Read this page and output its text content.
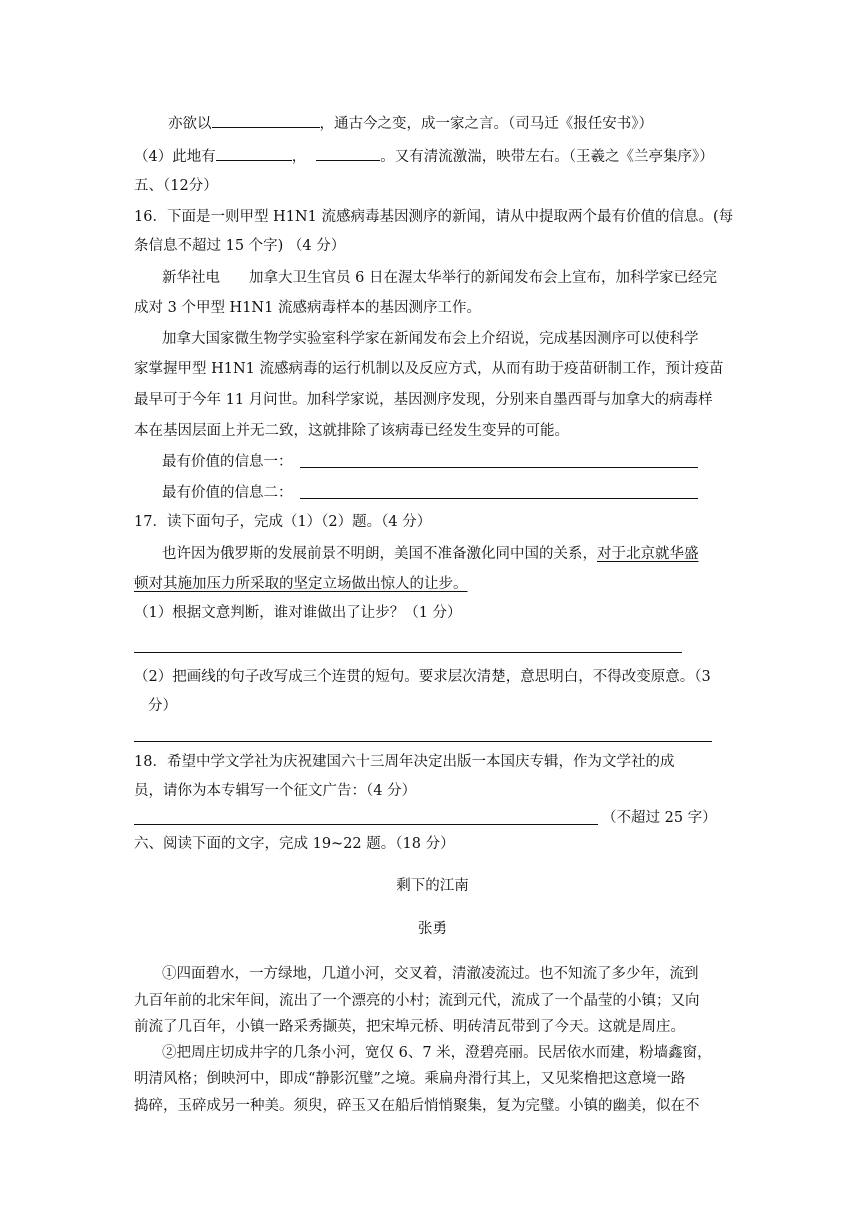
亦欲以	，通古今之变，成一家之言。（司马迁《报任安书》）
（4）此地有	，	。又有清流激湍，映带左右。（王羲之《兰亭集序》）
五、（12分）
16．下面是一则甲型 H1N1 流感病毒基因测序的新闻，请从中提取两个最有价值的信息。(每
条信息不超过 15 个字) （4 分）
新华社电　　加拿大卫生官员 6 日在渥太华举行的新闻发布会上宣布，加科学家已经完
成对 3 个甲型 H1N1 流感病毒样本的基因测序工作。
加拿大国家微生物学实验室科学家在新闻发布会上介绍说，完成基因测序可以使科学
家掌握甲型 H1N1 流感病毒的运行机制以及反应方式，从而有助于疫苗研制工作，预计疫苗
最早可于今年 11 月问世。加科学家说，基因测序发现，分别来自墨西哥与加拿大的病毒样
本在基因层面上并无二致，这就排除了该病毒已经发生变异的可能。
最有价值的信息一：
最有价值的信息二：
17．读下面句子，完成（1）（2）题。（4 分）
也许因为俄罗斯的发展前景不明朗，美国不准备激化同中国的关系，对于北京就华盛
顿对其施加压力所采取的坚定立场做出惊人的让步。
（1）根据文意判断，谁对谁做出了让步？（1 分）
（2）把画线的句子改写成三个连贯的短句。要求层次清楚，意思明白，不得改变原意。（3
分）
18．希望中学文学社为庆祝建国六十三周年决定出版一本国庆专辑，作为文学社的成
员，请你为本专辑写一个征文广告：（4 分）
（不超过 25 字）
六、阅读下面的文字，完成 19~22 题。（18 分）
剩下的江南
张勇
①四面碧水，一方绿地，几道小河，交叉着，清澈凌流过。也不知流了多少年，流到
九百年前的北宋年间，流出了一个漂亮的小村；流到元代，流成了一个晶莹的小镇；又向
前流了几百年，小镇一路采秀撷英，把宋埠元桥、明砖清瓦带到了今天。这就是周庄。
②把周庄切成井字的几条小河，宽仅 6、7 米，澄碧亮丽。民居依水而建，粉墙鑫窗，
明清风格；倒映河中，即成“静影沉璧”之境。乘扁舟滑行其上，又见桨橹把这意境一路
捣碎，玉碎成另一种美。须臾，碎玉又在船后悄悄聚集，复为完璧。小镇的幽美，似在不
